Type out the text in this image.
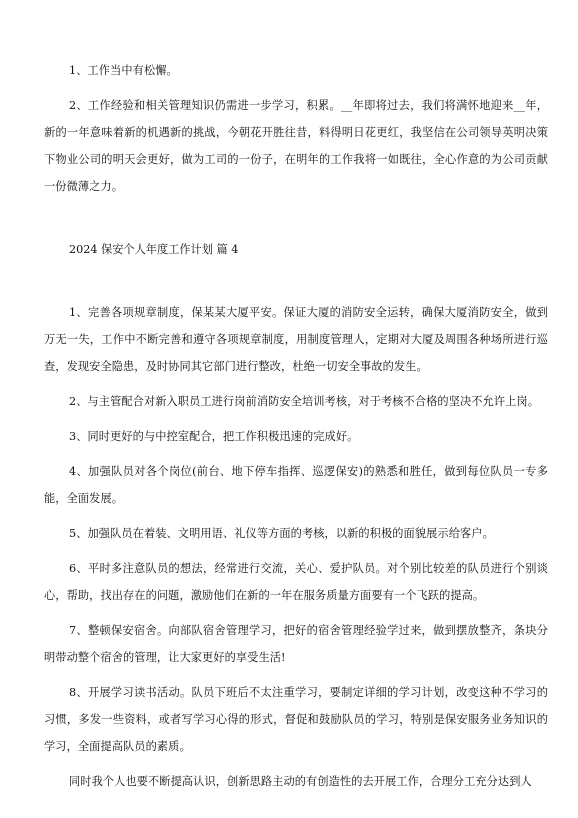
1、工作当中有松懈。

2、工作经验和相关管理知识仍需进一步学习，积累。__年即将过去，我们将满怀地迎来__年，新的一年意味着新的机遇新的挑战，今朝花开胜往昔，料得明日花更红，我坚信在公司领导英明决策下物业公司的明天会更好，做为工司的一份子，在明年的工作我将一如既往，全心作意的为公司贡献一份微薄之力。

2024 保安个人年度工作计划 篇 4

1、完善各项规章制度，保某某大厦平安。保证大厦的消防安全运转，确保大厦消防安全，做到万无一失，工作中不断完善和遵守各项规章制度，用制度管理人，定期对大厦及周围各种场所进行巡查，发现安全隐患，及时协同其它部门进行整改，杜绝一切安全事故的发生。

2、与主管配合对新入职员工进行岗前消防安全培训考核，对于考核不合格的坚决不允许上岗。

3、同时更好的与中控室配合，把工作积极迅速的完成好。

4、加强队员对各个岗位(前台、地下停车指挥、巡逻保安)的熟悉和胜任，做到每位队员一专多能，全面发展。

5、加强队员在着装、文明用语、礼仪等方面的考核，以新的积极的面貌展示给客户。

6、平时多注意队员的想法，经常进行交流，关心、爱护队员。对个别比较差的队员进行个别谈心，帮助，找出存在的问题，激励他们在新的一年在服务质量方面要有一个飞跃的提高。

7、整顿保安宿舍。向部队宿舍管理学习，把好的宿舍管理经验学过来，做到摆放整齐，条块分明带动整个宿舍的管理，让大家更好的享受生活!

8、开展学习读书活动。队员下班后不太注重学习，要制定详细的学习计划，改变这种不学习的习惯，多发一些资料，或者写学习心得的形式，督促和鼓励队员的学习，特别是保安服务业务知识的学习，全面提高队员的素质。

同时我个人也要不断提高认识，创新思路主动的有创造性的去开展工作，合理分工充分达到人
